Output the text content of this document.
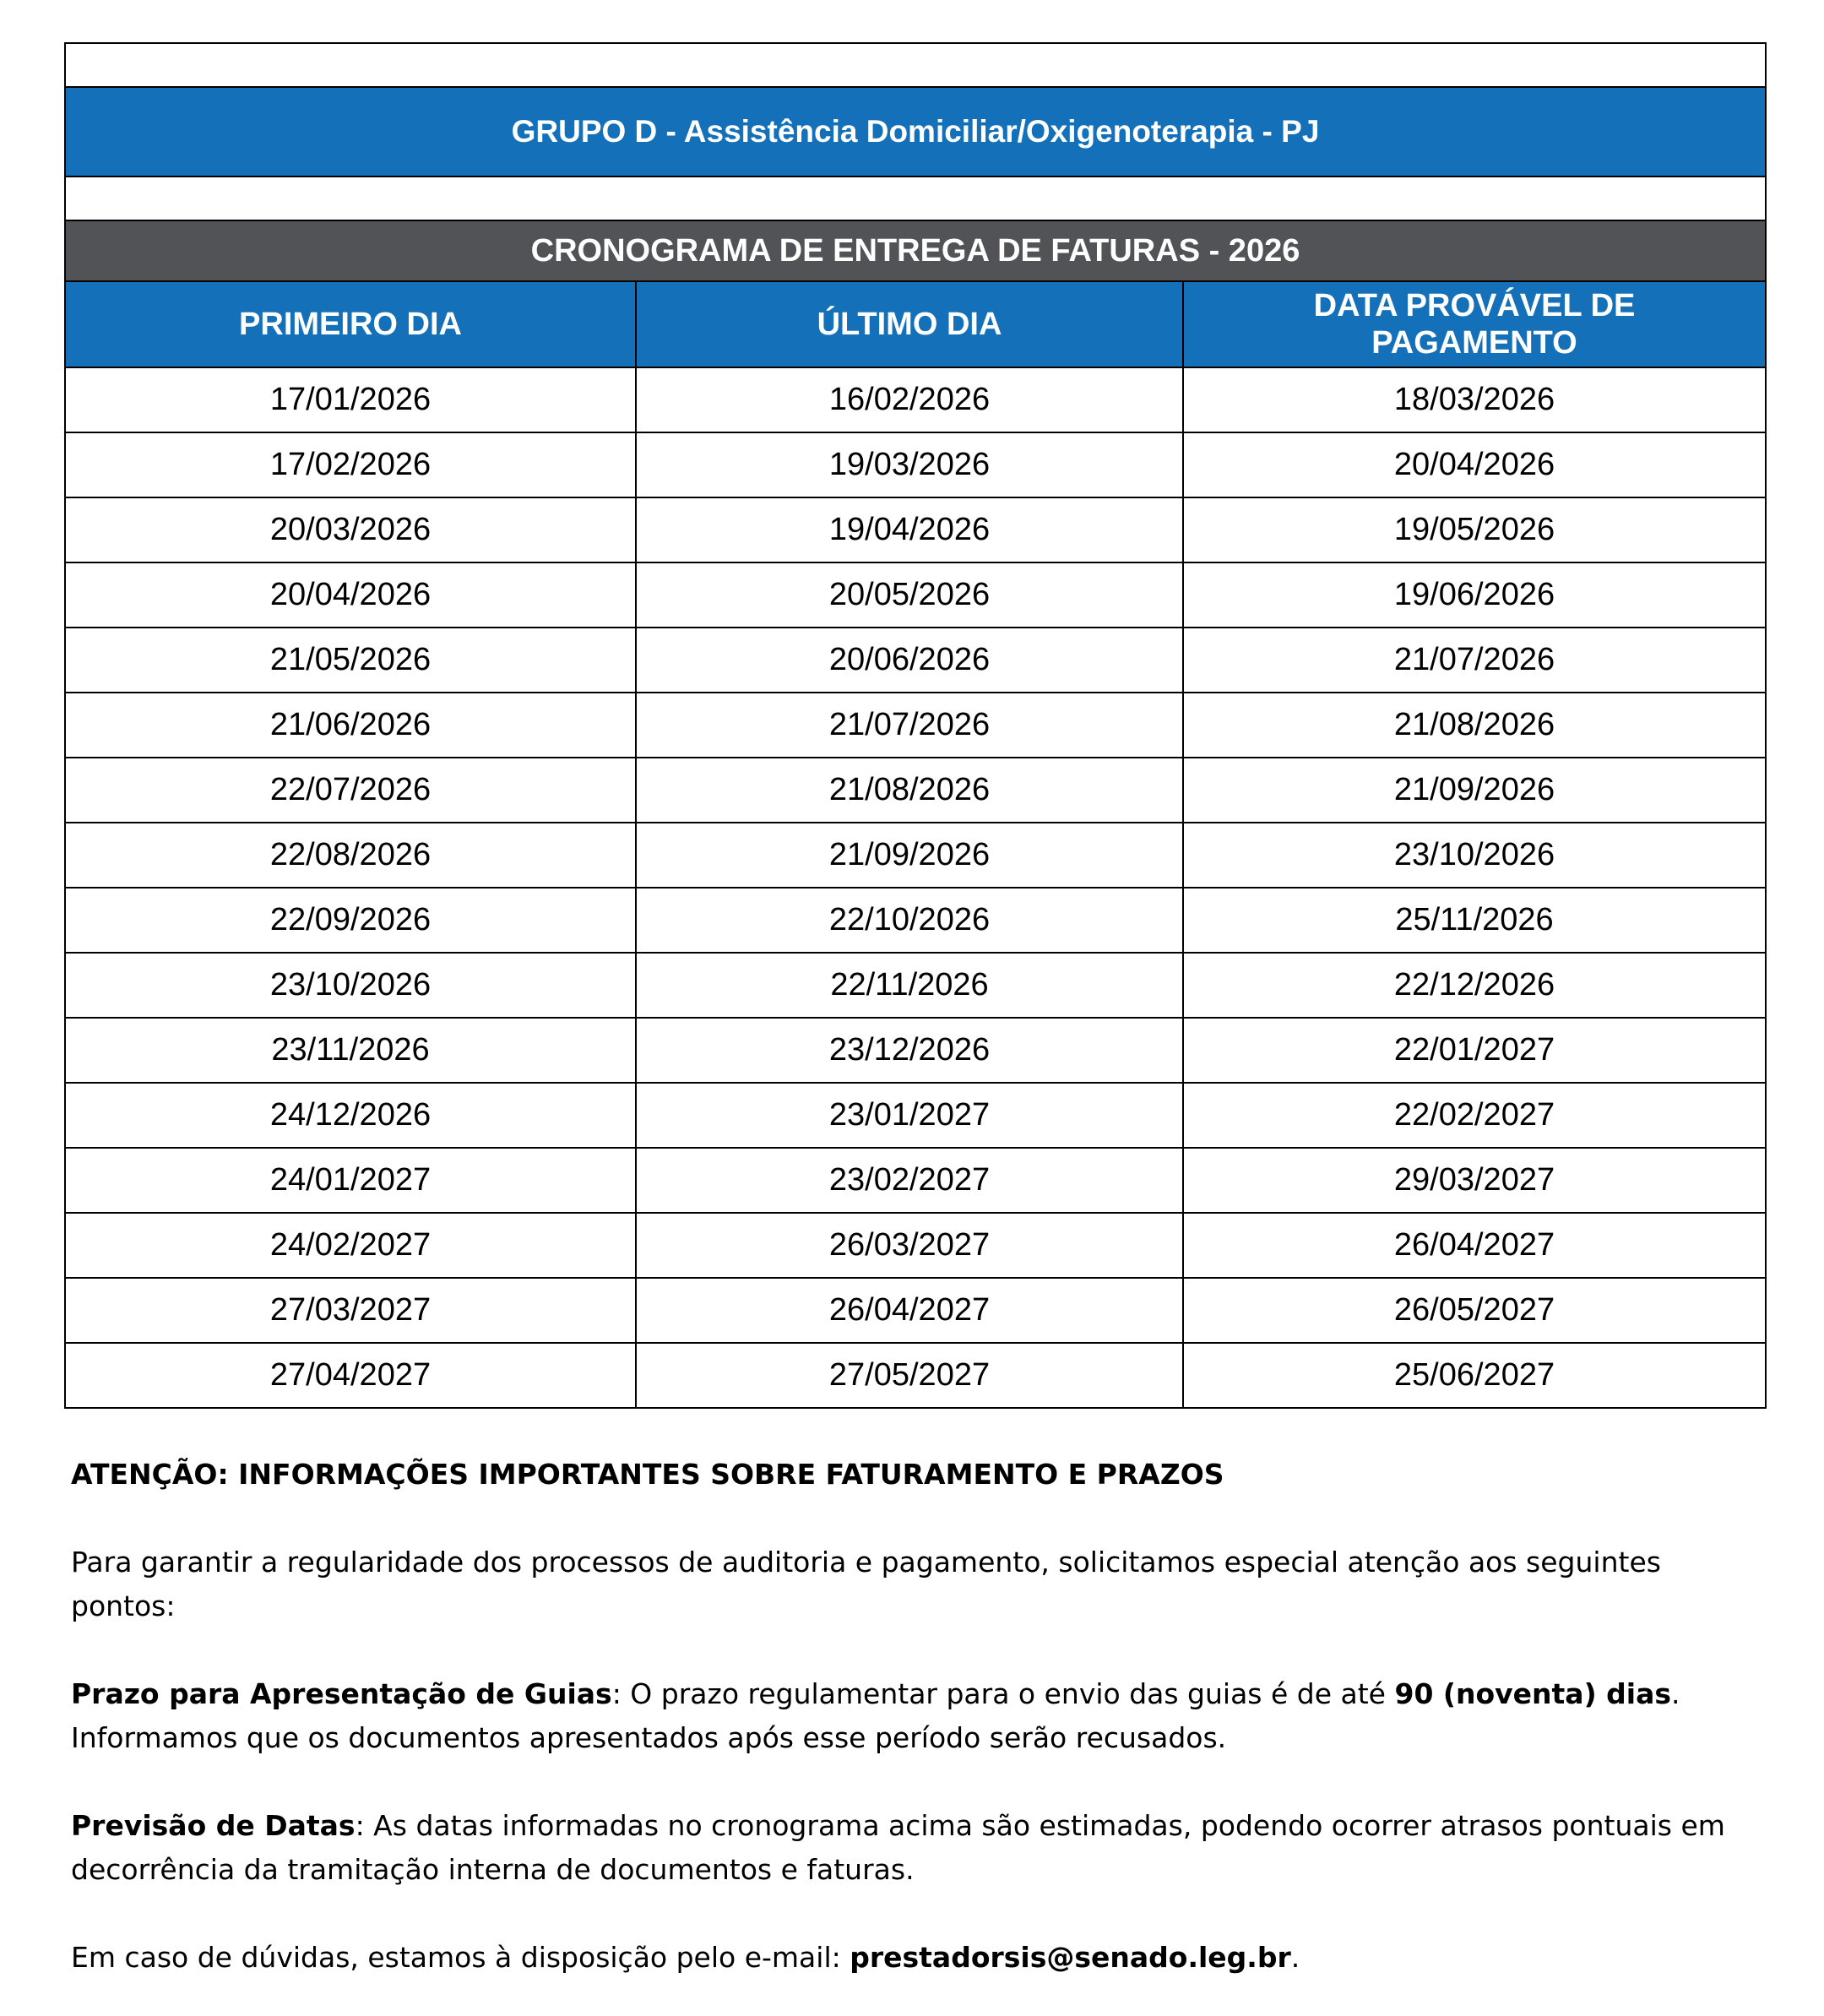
GRUPO D - Assistência Domiciliar/Oxigenoterapia - PJ
CRONOGRAMA DE ENTREGA DE FATURAS - 2026
PRIMEIRO DIA	ÚLTIMO DIA	DATA PROVÁVEL DE PAGAMENTO

17/01/2026	16/02/2026	18/03/2026
17/02/2026	19/03/2026	20/04/2026
20/03/2026	19/04/2026	19/05/2026
20/04/2026	20/05/2026	19/06/2026
21/05/2026	20/06/2026	21/07/2026
21/06/2026	21/07/2026	21/08/2026
22/07/2026	21/08/2026	21/09/2026
22/08/2026	21/09/2026	23/10/2026
22/09/2026	22/10/2026	25/11/2026
23/10/2026	22/11/2026	22/12/2026
23/11/2026	23/12/2026	22/01/2027
24/12/2026	23/01/2027	22/02/2027
24/01/2027	23/02/2027	29/03/2027
24/02/2027	26/03/2027	26/04/2027
27/03/2027	26/04/2027	26/05/2027
27/04/2027	27/05/2027	25/06/2027

ATENÇÃO: INFORMAÇÕES IMPORTANTES SOBRE FATURAMENTO E PRAZOS

Para garantir a regularidade dos processos de auditoria e pagamento, solicitamos especial atenção aos seguintes pontos:

Prazo para Apresentação de Guias: O prazo regulamentar para o envio das guias é de até 90 (noventa) dias. Informamos que os documentos apresentados após esse período serão recusados.

Previsão de Datas: As datas informadas no cronograma acima são estimadas, podendo ocorrer atrasos pontuais em decorrência da tramitação interna de documentos e faturas.

Em caso de dúvidas, estamos à disposição pelo e-mail: prestadorsis@senado.leg.br.
